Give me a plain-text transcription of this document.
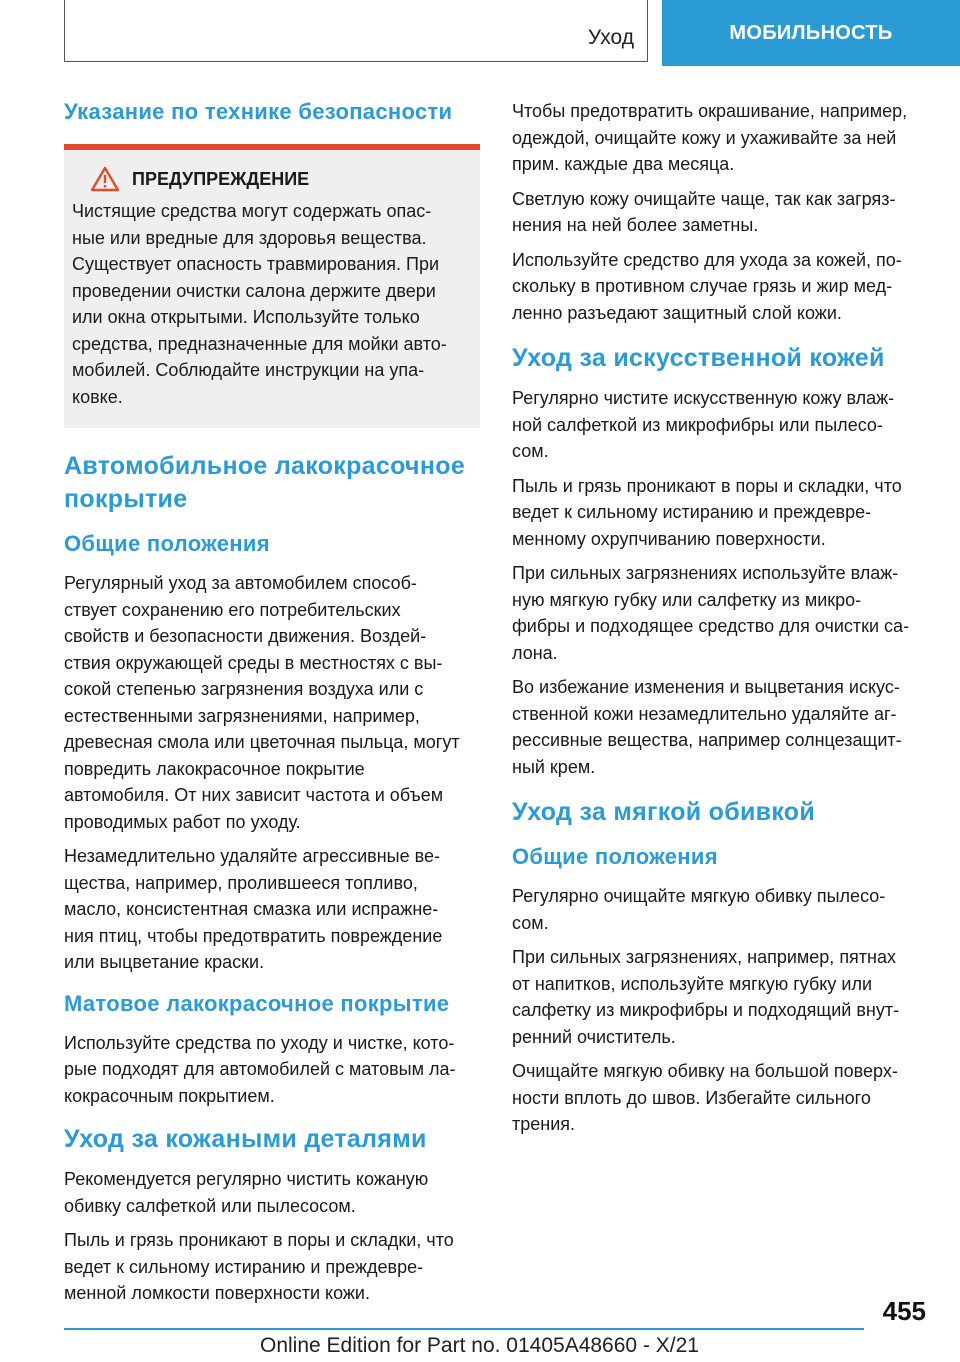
Уход	МОБИЛЬНОСТЬ
Указание по технике безопасности
ПРЕДУПРЕЖДЕНИЕ

Чистящие средства могут содержать опас-
ные или вредные для здоровья вещества.
Существует опасность травмирования. При
проведении очистки салона держите двери
или окна открытыми. Используйте только
средства, предназначенные для мойки авто-
мобилей. Соблюдайте инструкции на упа-
ковке.

Автомобильное лакокрасочное
покрытие
Общие положения

Регулярный уход за автомобилем способ-
ствует сохранению его потребительских
свойств и безопасности движения. Воздей-
ствия окружающей среды в местностях с вы-
сокой степенью загрязнения воздуха или с
естественными загрязнениями, например,
древесная смола или цветочная пыльца, могут
повредить лакокрасочное покрытие
автомобиля. От них зависит частота и объем
проводимых работ по уходу.

Незамедлительно удаляйте агрессивные ве-
щества, например, пролившееся топливо,
масло, консистентная смазка или испражне-
ния птиц, чтобы предотвратить повреждение
или выцветание краски.

Матовое лакокрасочное покрытие

Используйте средства по уходу и чистке, кото-
рые подходят для автомобилей с матовым ла-
кокрасочным покрытием.

Уход за кожаными деталями

Рекомендуется регулярно чистить кожаную
обивку салфеткой или пылесосом.

Пыль и грязь проникают в поры и складки, что
ведет к сильному истиранию и преждевре-
менной ломкости поверхности кожи.

Чтобы предотвратить окрашивание, например,
одеждой, очищайте кожу и ухаживайте за ней
прим. каждые два месяца.

Светлую кожу очищайте чаще, так как загряз-
нения на ней более заметны.

Используйте средство для ухода за кожей, по-
скольку в противном случае грязь и жир мед-
ленно разъедают защитный слой кожи.

Уход за искусственной кожей

Регулярно чистите искусственную кожу влаж-
ной салфеткой из микрофибры или пылесо-
сом.

Пыль и грязь проникают в поры и складки, что
ведет к сильному истиранию и преждевре-
менному охрупчиванию поверхности.

При сильных загрязнениях используйте влаж-
ную мягкую губку или салфетку из микро-
фибры и подходящее средство для очистки са-
лона.

Во избежание изменения и выцветания искус-
ственной кожи незамедлительно удаляйте аг-
рессивные вещества, например солнцезащит-
ный крем.

Уход за мягкой обивкой
Общие положения

Регулярно очищайте мягкую обивку пылесо-
сом.

При сильных загрязнениях, например, пятнах
от напитков, используйте мягкую губку или
салфетку из микрофибры и подходящий внут-
ренний очиститель.

Очищайте мягкую обивку на большой поверх-
ности вплоть до швов. Избегайте сильного
трения.

455
Online Edition for Part no. 01405A48660 - X/21
